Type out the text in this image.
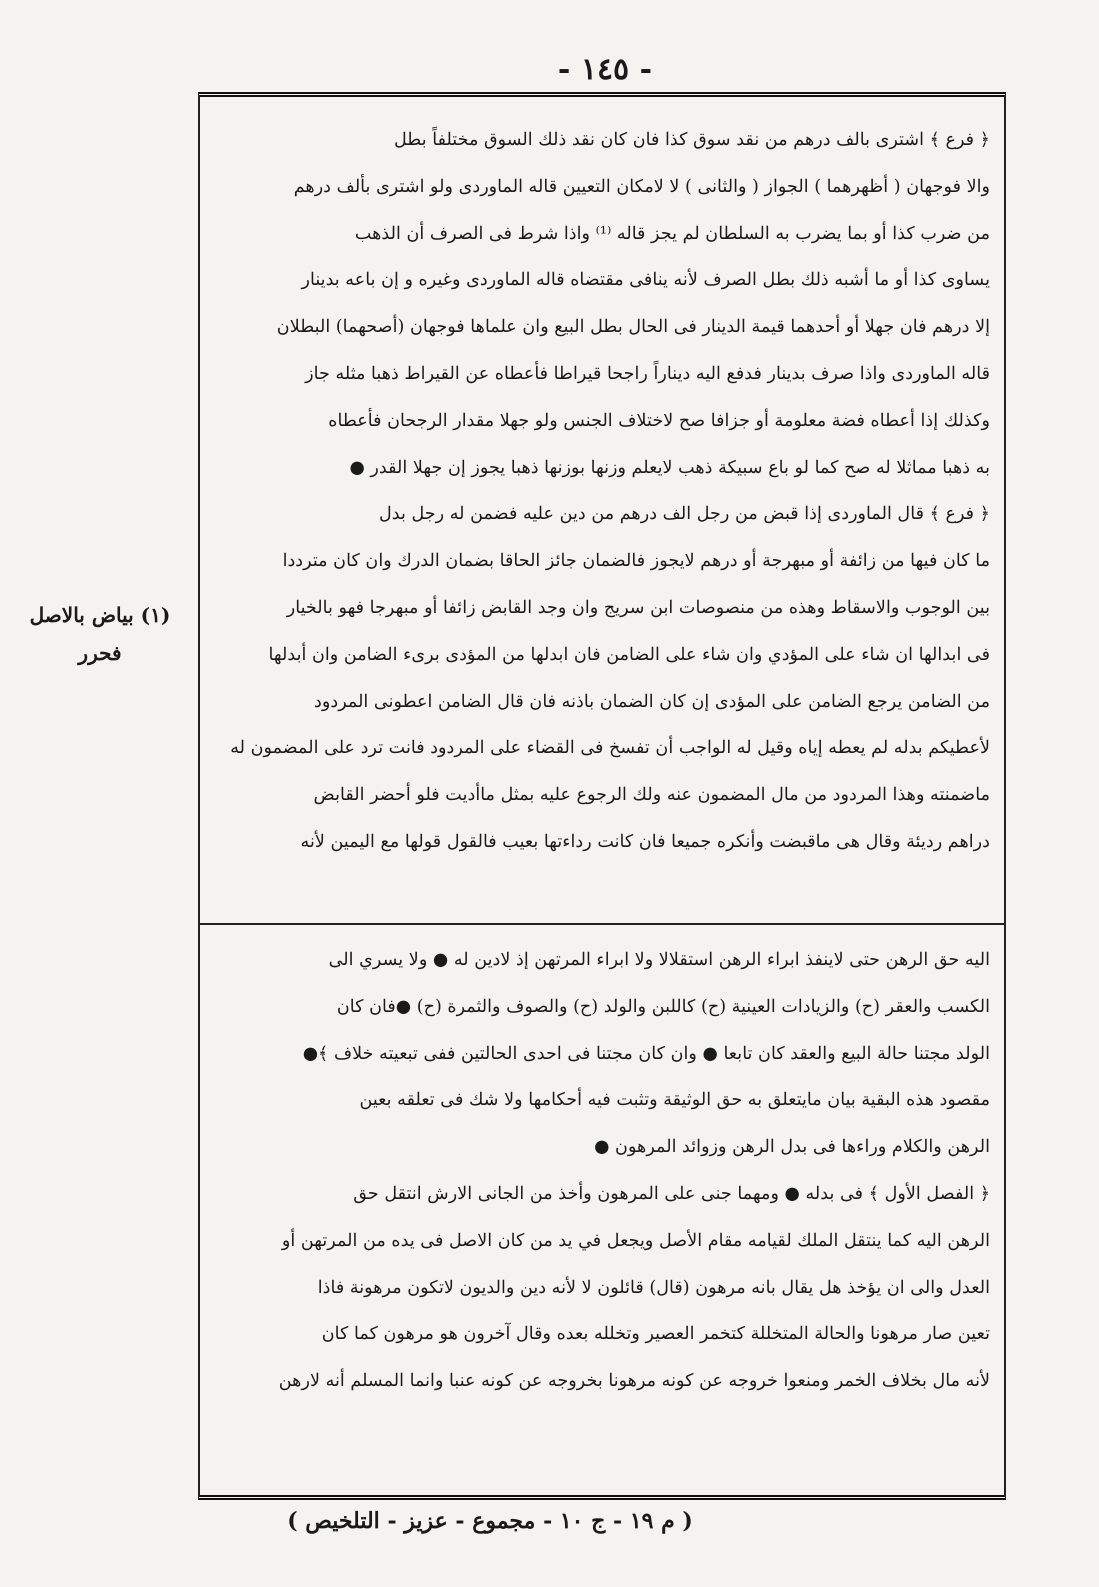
- ١٤٥ -
(١) بياض بالاصل
فحرر
﴿ فرع ﴾ اشترى بالف درهم من نقد سوق كذا فان كان نقد ذلك السوق مختلفاً بطل
والا فوجهان ( أظهرهما ) الجواز ( والثانى ) لا لامكان التعيين قاله الماوردى ولو اشترى بألف درهم
من ضرب كذا أو بما يضرب به السلطان لم يجز قاله ⁽¹⁾ واذا شرط فى الصرف أن الذهب
يساوى كذا أو ما أشبه ذلك بطل الصرف لأنه ينافى مقتضاه قاله الماوردى وغيره و إن باعه بدينار
إلا درهم فان جهلا أو أحدهما قيمة الدينار فى الحال بطل البيع وان علماها فوجهان (أصحهما) البطلان
قاله الماوردى واذا صرف بدينار فدفع اليه ديناراً راجحا قيراطا فأعطاه عن القيراط ذهبا مثله جاز
وكذلك إذا أعطاه فضة معلومة أو جزافا صح لاختلاف الجنس ولو جهلا مقدار الرجحان فأعطاه
به ذهبا مماثلا له صح كما لو باع سبيكة ذهب لايعلم وزنها بوزنها ذهبا يجوز إن جهلا القدر ●
﴿ فرع ﴾ قال الماوردى إذا قبض من رجل الف درهم من دين عليه فضمن له رجل بدل
ما كان فيها من زائفة أو مبهرجة أو درهم لايجوز فالضمان جائز الحاقا بضمان الدرك وان كان مترددا
بين الوجوب والاسقاط وهذه من منصوصات ابن سريج وان وجد القابض زائفا أو مبهرجا فهو بالخيار
فى ابدالها ان شاء على المؤدي وان شاء على الضامن فان ابدلها من المؤدى برىء الضامن وان أبدلها
من الضامن يرجع الضامن على المؤدى إن كان الضمان باذنه فان قال الضامن اعطونى المردود
لأعطيكم بدله لم يعطه إياه وقيل له الواجب أن تفسخ فى القضاء على المردود فانت ترد على المضمون له
ماضمنته وهذا المردود من مال المضمون عنه ولك الرجوع عليه بمثل ماأديت فلو أحضر القابض
دراهم رديئة وقال هى ماقبضت وأنكره جميعا فان كانت رداءتها بعيب فالقول قولها مع اليمين لأنه
اليه حق الرهن حتى لاينفذ ابراء الرهن استقلالا ولا ابراء المرتهن إذ لادين له ● ولا يسري الى
الكسب والعقر (ح) والزيادات العينية (ح) كاللبن والولد (ح) والصوف والثمرة (ح) ●فان كان
الولد مجتنا حالة البيع والعقد كان تابعا ● وان كان مجتنا فى احدى الحالتين ففى تبعيته خلاف ﴾●
مقصود هذه البقية بيان مايتعلق به حق الوثيقة وتثبت فيه أحكامها ولا شك فى تعلقه بعين
الرهن والكلام وراءها فى بدل الرهن وزوائد المرهون ●
﴿ الفصل الأول ﴾ فى بدله ● ومهما جنى على المرهون وأخذ من الجانى الارش انتقل حق
الرهن اليه كما ينتقل الملك لقيامه مقام الأصل ويجعل في يد من كان الاصل فى يده من المرتهن أو
العدل والى ان يؤخذ هل يقال بانه مرهون (قال) قائلون لا لأنه دين والديون لاتكون مرهونة فاذا
تعين صار مرهونا والحالة المتخللة كتخمر العصير وتخلله بعده وقال آخرون هو مرهون كما كان
لأنه مال بخلاف الخمر ومنعوا خروجه عن كونه مرهونا بخروجه عن كونه عنبا وانما المسلم أنه لارهن
( م ١٩ - ج ١٠ - مجموع - عزيز - التلخيص )
